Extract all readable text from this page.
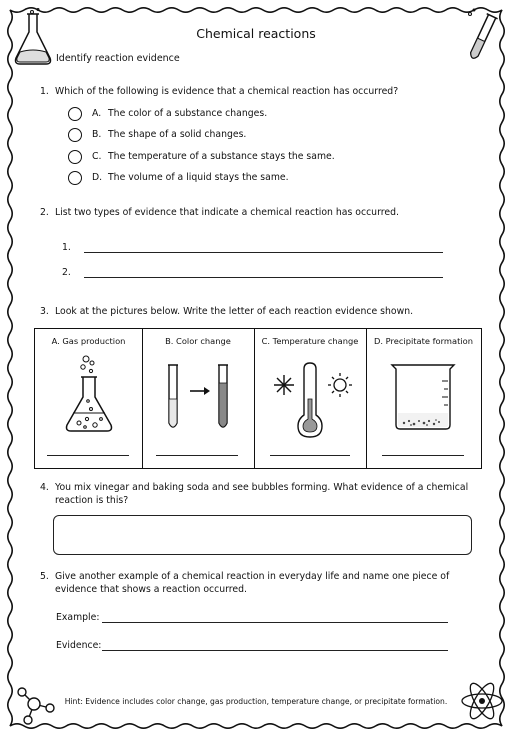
Chemical reactions
Identify reaction evidence
1. Which of the following is evidence that a chemical reaction has occurred?
A. The color of a substance changes.
B. The shape of a solid changes.
C. The temperature of a substance stays the same.
D. The volume of a liquid stays the same.
2. List two types of evidence that indicate a chemical reaction has occurred.
1.
2.
3. Look at the pictures below. Write the letter of each reaction evidence shown.
A. Gas production	B. Color change	C. Temperature change	D. Precipitate formation
4. You mix vinegar and baking soda and see bubbles forming. What evidence of a chemical
reaction is this?
5. Give another example of a chemical reaction in everyday life and name one piece of
evidence that shows a reaction occurred.
Example:
Evidence:
Hint: Evidence includes color change, gas production, temperature change, or precipitate formation.
